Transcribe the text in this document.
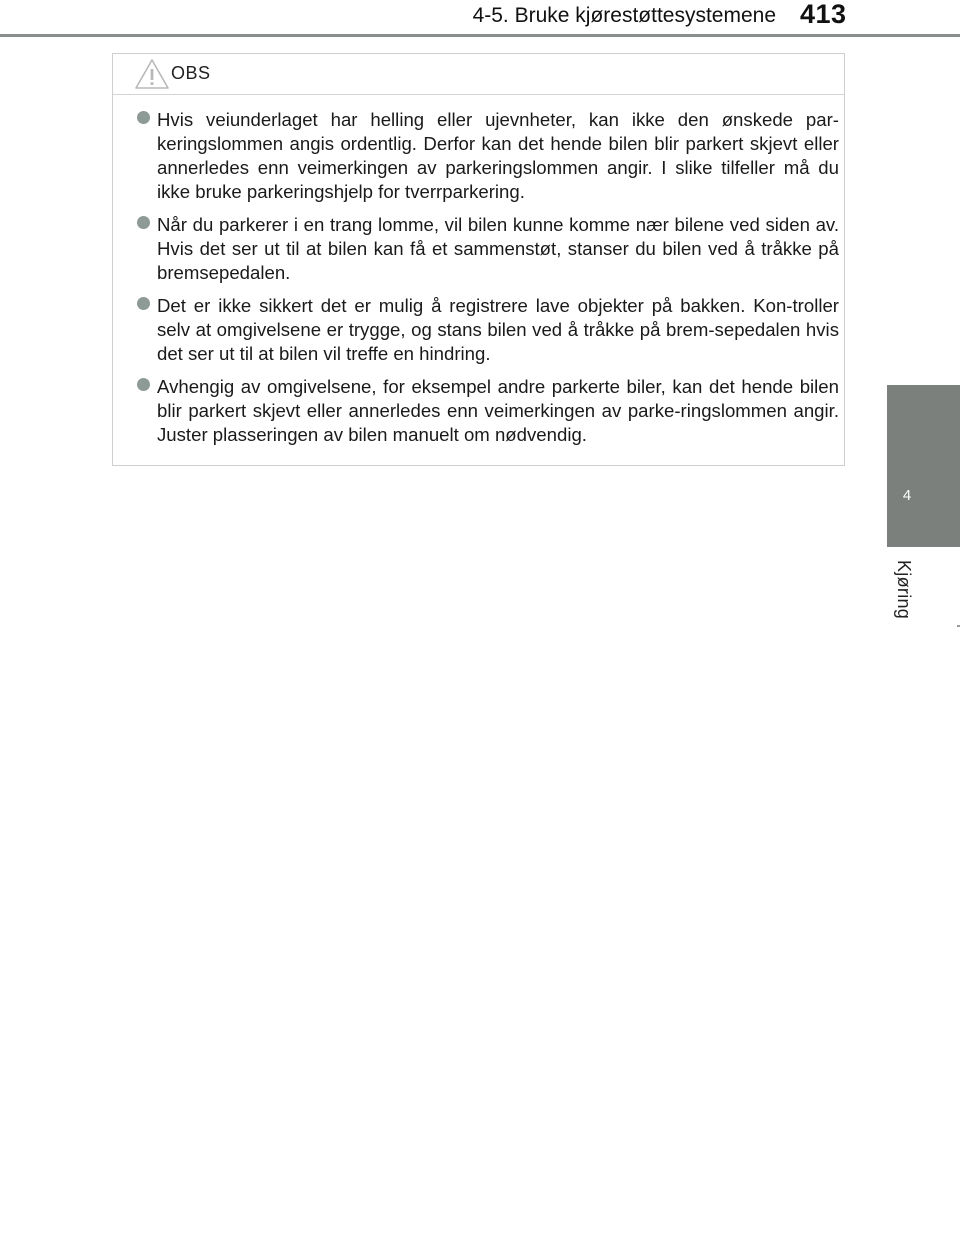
4-5. Bruke kjørestøttesystemene 413
4
Kjøring
OBS
Hvis veiunderlaget har helling eller ujevnheter, kan ikke den ønskede par-keringslommen angis ordentlig. Derfor kan det hende bilen blir parkert skjevt eller annerledes enn veimerkingen av parkeringslommen angir. I slike tilfeller må du ikke bruke parkeringshjelp for tverrparkering.
Når du parkerer i en trang lomme, vil bilen kunne komme nær bilene ved siden av. Hvis det ser ut til at bilen kan få et sammenstøt, stanser du bilen ved å tråkke på bremsepedalen.
Det er ikke sikkert det er mulig å registrere lave objekter på bakken. Kon-troller selv at omgivelsene er trygge, og stans bilen ved å tråkke på brem-sepedalen hvis det ser ut til at bilen vil treffe en hindring.
Avhengig av omgivelsene, for eksempel andre parkerte biler, kan det hende bilen blir parkert skjevt eller annerledes enn veimerkingen av parke-ringslommen angir. Juster plasseringen av bilen manuelt om nødvendig.
